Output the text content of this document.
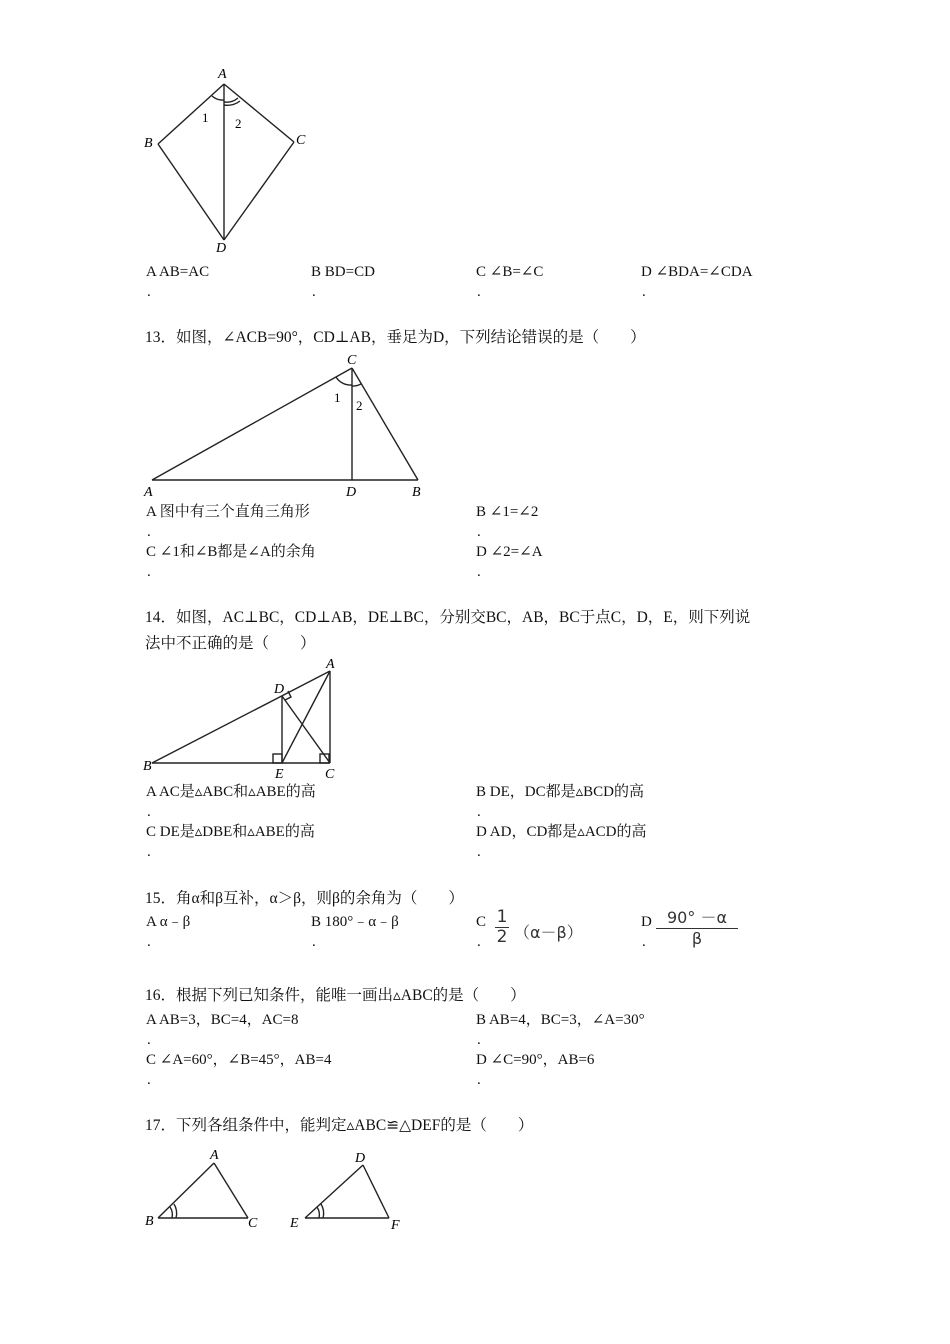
A
B	C
D
1 2
A AB=AC
.
B BD=CD
.
C ∠B=∠C
.
D ∠BDA=∠CDA
.
13．如图，∠ACB=90°，CD⊥AB，垂足为D，下列结论错误的是（　　）
C
A	D	B
1
2
A 图中有三个直角三角形
.
B ∠1=∠2
.
C ∠1和∠B都是∠A的余角
.
D ∠2=∠A
.
14．如图，AC⊥BC，CD⊥AB，DE⊥BC，分别交BC，AB，BC于点C，D，E，则下列说
法中不正确的是（　　）
A
D
B
E	C
A AC是▵ABC和▵ABE的高
.
B DE，DC都是▵BCD的高
.
C DE是▵DBE和▵ABE的高
.
D AD，CD都是▵ACD的高
.
15．角α和β互补，α＞β，则β的余角为（　　）
A α﹣β
.
B 180°﹣α﹣β
.
C
.
1
2 （α－β）
D
.
90° －α
β
16．根据下列已知条件，能唯一画出▵ABC的是（　　）
A AB=3，BC=4，AC=8
.
B AB=4，BC=3，∠A=30°
.
C ∠A=60°，∠B=45°，AB=4
.
D ∠C=90°，AB=6
.
17．下列各组条件中，能判定▵ABC≌△DEF的是（　　）
A
B	C
D
E	F
